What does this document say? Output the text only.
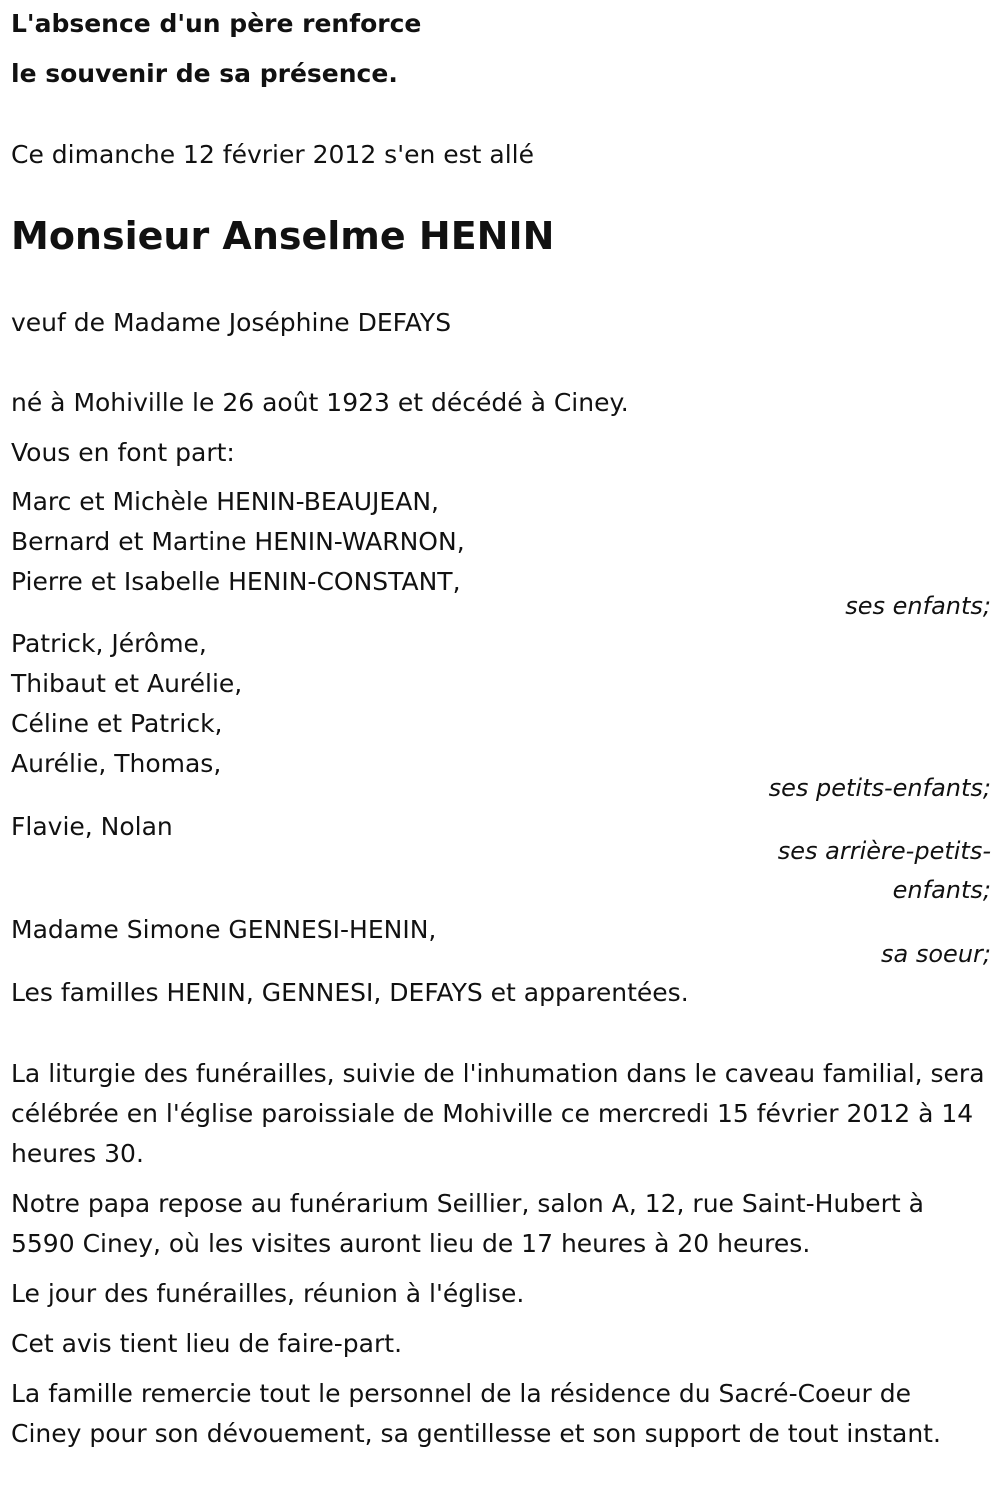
L'absence d'un père renforce
le souvenir de sa présence.
Ce dimanche 12 février 2012 s'en est allé
Monsieur Anselme HENIN
veuf de Madame Joséphine DEFAYS
né à Mohiville le 26 août 1923 et décédé à Ciney.
Vous en font part:
Marc et Michèle HENIN-BEAUJEAN,
Bernard et Martine HENIN-WARNON,
Pierre et Isabelle HENIN-CONSTANT,
ses enfants;
Patrick, Jérôme,
Thibaut et Aurélie,
Céline et Patrick,
Aurélie, Thomas,
ses petits-enfants;
Flavie, Nolan
ses arrière-petits-
enfants;
Madame Simone GENNESI-HENIN,
sa soeur;
Les familles HENIN, GENNESI, DEFAYS et apparentées.
La liturgie des funérailles, suivie de l'inhumation dans le caveau familial, sera célébrée en l'église paroissiale de Mohiville ce mercredi 15 février 2012 à 14 heures 30.
Notre papa repose au funérarium Seillier, salon A, 12, rue Saint-Hubert à 5590 Ciney, où les visites auront lieu de 17 heures à 20 heures.
Le jour des funérailles, réunion à l'église.
Cet avis tient lieu de faire-part.
La famille remercie tout le personnel de la résidence du Sacré-Coeur de Ciney pour son dévouement, sa gentillesse et son support de tout instant.
